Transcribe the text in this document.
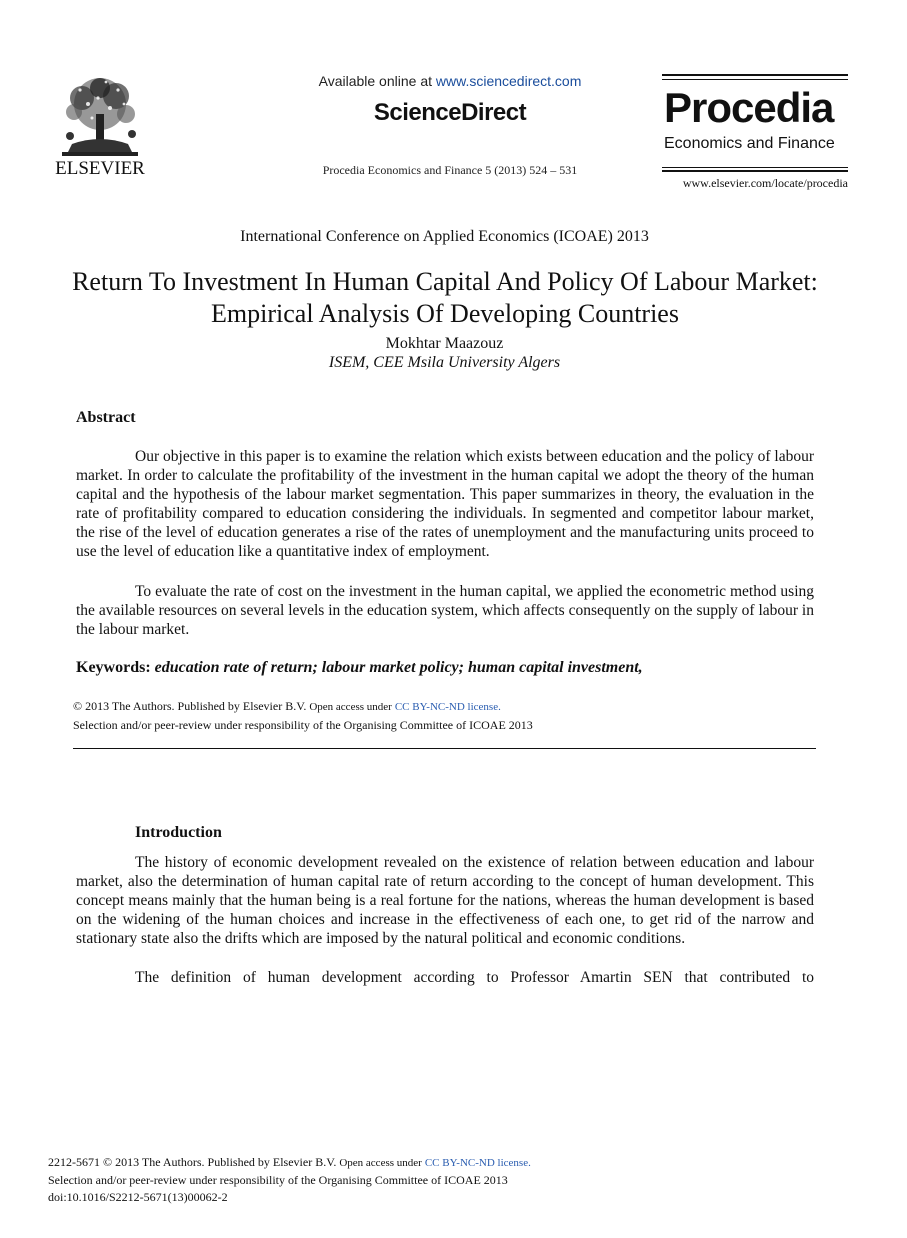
ELSEVIER
Available online at www.sciencedirect.com
ScienceDirect
Procedia Economics and Finance 5 (2013) 524 – 531
Procedia
Economics and Finance
www.elsevier.com/locate/procedia
International Conference on Applied Economics (ICOAE) 2013
Return To Investment In Human Capital And Policy Of Labour Market: Empirical Analysis Of Developing Countries
Mokhtar Maazouz
ISEM, CEE Msila University Algers
Abstract

Our objective in this paper is to examine the relation which exists between education and the policy of labour market. In order to calculate the profitability of the investment in the human capital we adopt the theory of the human capital and the hypothesis of the labour market segmentation. This paper summarizes in theory, the evaluation in the rate of profitability compared to education considering the individuals. In segmented and competitor labour market, the rise of the level of education generates a rise of the rates of unemployment and the manufacturing units proceed to use the level of education like a quantitative index of employment.

To evaluate the rate of cost on the investment in the human capital, we applied the econometric method using the available resources on several levels in the education system, which affects consequently on the supply of labour in the labour market.

Keywords: education rate of return; labour market policy; human capital investment,
© 2013 The Authors. Published by Elsevier B.V. Open access under CC BY-NC-ND license.
Selection and/or peer-review under responsibility of the Organising Committee of ICOAE 2013
Introduction

The history of economic development revealed on the existence of relation between education and labour market, also the determination of human capital rate of return according to the concept of human development. This concept means mainly that the human being is a real fortune for the nations, whereas the human development is based on the widening of the human choices and increase in the effectiveness of each one, to get rid of the narrow and stationary state also the drifts which are imposed by the natural political and economic conditions.

The definition of human development according to Professor Amartin SEN that contributed to

2212-5671 © 2013 The Authors. Published by Elsevier B.V. Open access under CC BY-NC-ND license.
Selection and/or peer-review under responsibility of the Organising Committee of ICOAE 2013
doi:10.1016/S2212-5671(13)00062-2
